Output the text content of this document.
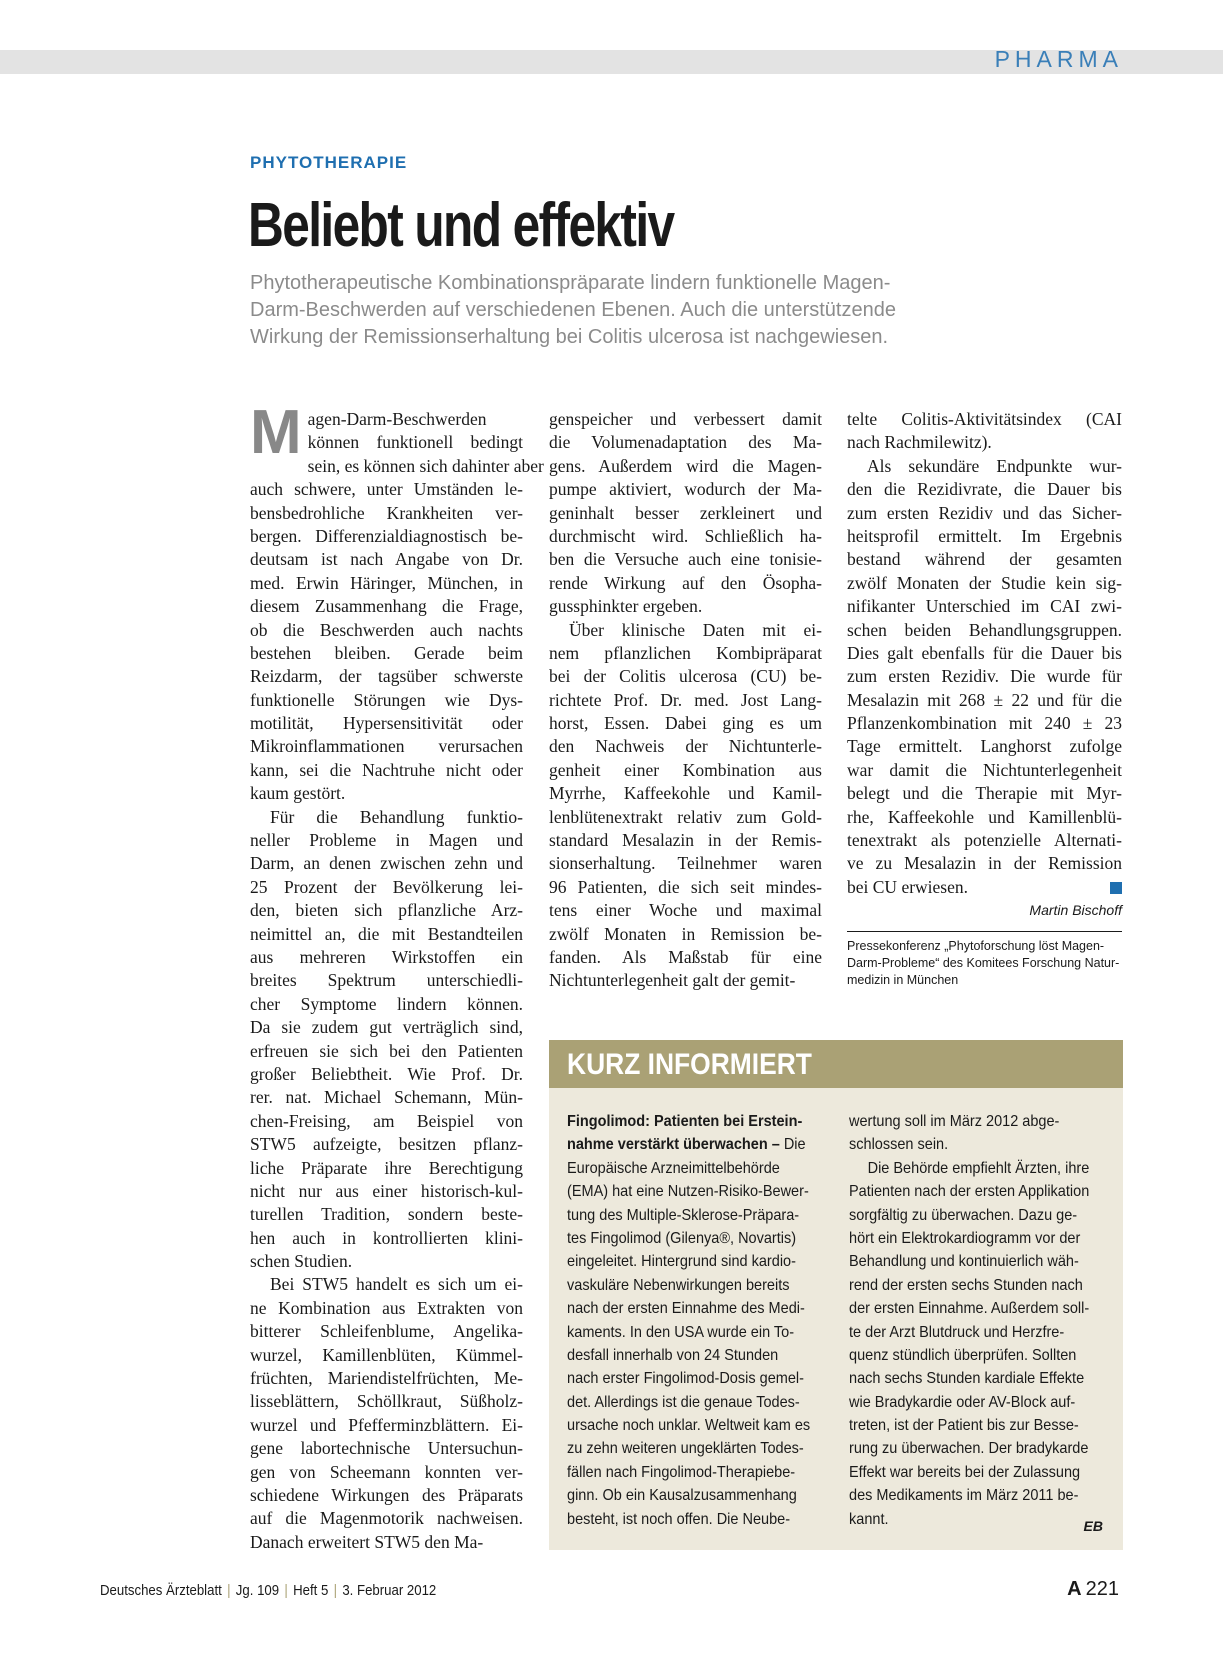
PHARMA
PHYTOTHERAPIE
Beliebt und effektiv
Phytotherapeutische Kombinationspräparate lindern funktionelle Magen-
Darm-Beschwerden auf verschiedenen Ebenen. Auch die unterstützende
Wirkung der Remissionserhaltung bei Colitis ulcerosa ist nachgewiesen.
M agen-Darm-Beschwerden
können funktionell bedingt
sein, es können sich dahinter aber
auch schwere, unter Umständen le-
bensbedrohliche Krankheiten ver-
bergen. Differenzialdiagnostisch be-
deutsam ist nach Angabe von Dr.
med. Erwin Häringer, München, in
diesem Zusammenhang die Frage,
ob die Beschwerden auch nachts
bestehen bleiben. Gerade beim
Reizdarm, der tagsüber schwerste
funktionelle Störungen wie Dys-
motilität, Hypersensitivität oder
Mikroinflammationen verursachen
kann, sei die Nachtruhe nicht oder
kaum gestört.
Für die Behandlung funktio-
neller Probleme in Magen und
Darm, an denen zwischen zehn und
25 Prozent der Bevölkerung lei-
den, bieten sich pflanzliche Arz-
neimittel an, die mit Bestandteilen
aus mehreren Wirkstoffen ein
breites Spektrum unterschiedli-
cher Symptome lindern können.
Da sie zudem gut verträglich sind,
erfreuen sie sich bei den Patienten
großer Beliebtheit. Wie Prof. Dr.
rer. nat. Michael Schemann, Mün-
chen-Freising, am Beispiel von
STW5 aufzeigte, besitzen pflanz-
liche Präparate ihre Berechtigung
nicht nur aus einer historisch-kul-
turellen Tradition, sondern beste-
hen auch in kontrollierten klini-
schen Studien.
Bei STW5 handelt es sich um ei-
ne Kombination aus Extrakten von
bitterer Schleifenblume, Angelika-
wurzel, Kamillenblüten, Kümmel-
früchten, Mariendistelfrüchten, Me-
lisseblättern, Schöllkraut, Süßholz-
wurzel und Pfefferminzblättern. Ei-
gene labortechnische Untersuchun-
gen von Scheemann konnten ver-
schiedene Wirkungen des Präparats
auf die Magenmotorik nachweisen.
Danach erweitert STW5 den Ma-
genspeicher und verbessert damit
die Volumenadaptation des Ma-
gens. Außerdem wird die Magen-
pumpe aktiviert, wodurch der Ma-
geninhalt besser zerkleinert und
durchmischt wird. Schließlich ha-
ben die Versuche auch eine tonisie-
rende Wirkung auf den Ösopha-
gussphinkter ergeben.
Über klinische Daten mit ei-
nem pflanzlichen Kombipräparat
bei der Colitis ulcerosa (CU) be-
richtete Prof. Dr. med. Jost Lang-
horst, Essen. Dabei ging es um
den Nachweis der Nichtunterle-
genheit einer Kombination aus
Myrrhe, Kaffeekohle und Kamil-
lenblütenextrakt relativ zum Gold-
standard Mesalazin in der Remis-
sionserhaltung. Teilnehmer waren
96 Patienten, die sich seit mindes-
tens einer Woche und maximal
zwölf Monaten in Remission be-
fanden. Als Maßstab für eine
Nichtunterlegenheit galt der gemit-
telte Colitis-Aktivitätsindex (CAI
nach Rachmilewitz).
Als sekundäre Endpunkte wur-
den die Rezidivrate, die Dauer bis
zum ersten Rezidiv und das Sicher-
heitsprofil ermittelt. Im Ergebnis
bestand während der gesamten
zwölf Monaten der Studie kein sig-
nifikanter Unterschied im CAI zwi-
schen beiden Behandlungsgruppen.
Dies galt ebenfalls für die Dauer bis
zum ersten Rezidiv. Die wurde für
Mesalazin mit 268 ± 22 und für die
Pflanzenkombination mit 240 ± 23
Tage ermittelt. Langhorst zufolge
war damit die Nichtunterlegenheit
belegt und die Therapie mit Myr-
rhe, Kaffeekohle und Kamillenblü-
tenextrakt als potenzielle Alternati-
ve zu Mesalazin in der Remission
bei CU erwiesen.
Martin Bischoff
Pressekonferenz „Phytoforschung löst Magen-
Darm-Probleme“ des Komitees Forschung Natur-
medizin in München
KURZ INFORMIERT
Fingolimod: Patienten bei Erstein-
nahme verstärkt überwachen – Die
Europäische Arzneimittelbehörde
(EMA) hat eine Nutzen-Risiko-Bewer-
tung des Multiple-Sklerose-Präpara-
tes Fingolimod (Gilenya®, Novartis)
eingeleitet. Hintergrund sind kardio-
vaskuläre Nebenwirkungen bereits
nach der ersten Einnahme des Medi-
kaments. In den USA wurde ein To-
desfall innerhalb von 24 Stunden
nach erster Fingolimod-Dosis gemel-
det. Allerdings ist die genaue Todes-
ursache noch unklar. Weltweit kam es
zu zehn weiteren ungeklärten Todes-
fällen nach Fingolimod-Therapiebe-
ginn. Ob ein Kausalzusammenhang
besteht, ist noch offen. Die Neube-
wertung soll im März 2012 abge-
schlossen sein.
Die Behörde empfiehlt Ärzten, ihre
Patienten nach der ersten Applikation
sorgfältig zu überwachen. Dazu ge-
hört ein Elektrokardiogramm vor der
Behandlung und kontinuierlich wäh-
rend der ersten sechs Stunden nach
der ersten Einnahme. Außerdem soll-
te der Arzt Blutdruck und Herzfre-
quenz stündlich überprüfen. Sollten
nach sechs Stunden kardiale Effekte
wie Bradykardie oder AV-Block auf-
treten, ist der Patient bis zur Besse-
rung zu überwachen. Der bradykarde
Effekt war bereits bei der Zulassung
des Medikaments im März 2011 be-
kannt.	EB
Deutsches Ärzteblatt | Jg. 109 | Heft 5 | 3. Februar 2012	A 221
